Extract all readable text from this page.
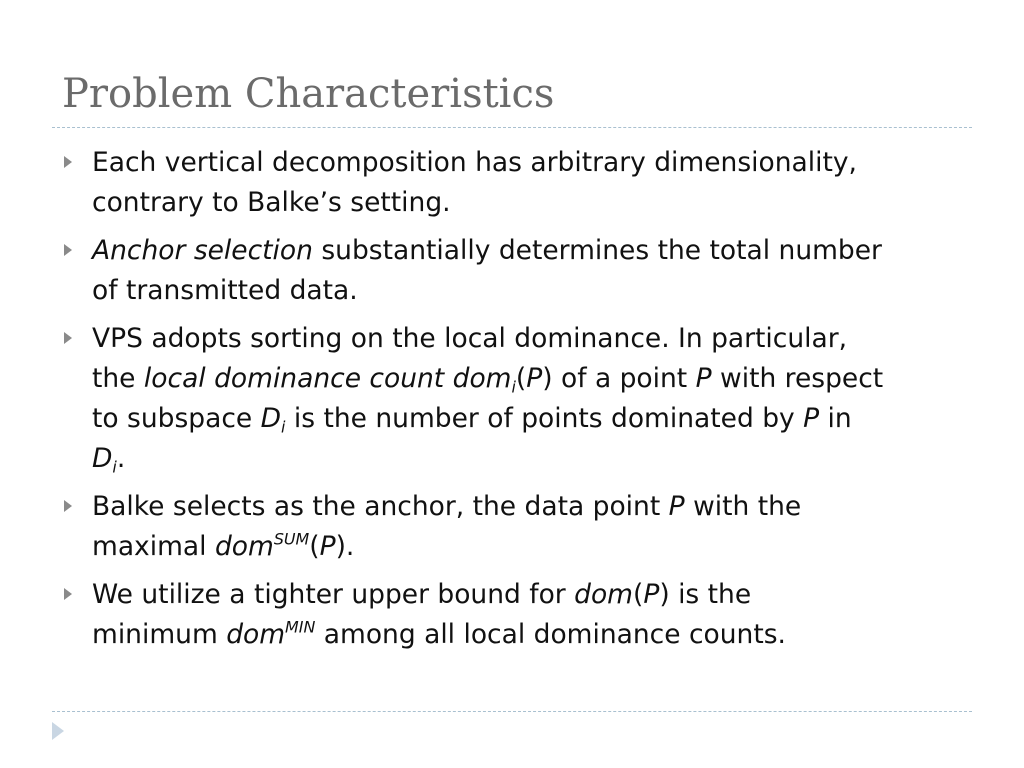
Problem Characteristics
Each vertical decomposition has arbitrary dimensionality,
contrary to Balke’s setting.
Anchor selection substantially determines the total number
of transmitted data.
VPS adopts sorting on the local dominance. In particular,
the local dominance count dom$_i$(P) of a point P with respect
to subspace $D_i$ is the number of points dominated by P in
$D_i$.
Balke selects as the anchor, the data point P with the
maximal dom$^{SUM}$(P).
We utilize a tighter upper bound for dom(P) is the
minimum dom$^{MIN}$ among all local dominance counts.
